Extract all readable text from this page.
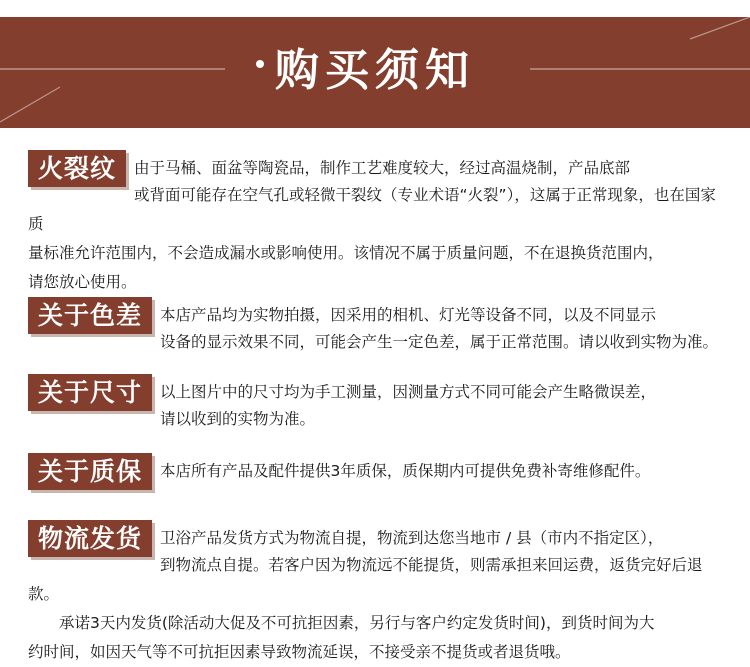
购买须知
火裂纹	由于马桶、面盆等陶瓷品，制作工艺难度较大，经过高温烧制，产品底部
或背面可能存在空气孔或轻微干裂纹（专业术语“火裂”），这属于正常现象，也在国家质
量标准允许范围内，不会造成漏水或影响使用。该情况不属于质量问题，不在退换货范围内，
请您放心使用。
关于色差	本店产品均为实物拍摄，因采用的相机、灯光等设备不同，以及不同显示
设备的显示效果不同，可能会产生一定色差，属于正常范围。请以收到实物为准。
关于尺寸	以上图片中的尺寸均为手工测量，因测量方式不同可能会产生略微误差，
请以收到的实物为准。
关于质保	本店所有产品及配件提供3年质保，质保期内可提供免费补寄维修配件。
物流发货	卫浴产品发货方式为物流自提，物流到达您当地市 / 县（市内不指定区），
到物流点自提。若客户因为物流远不能提货，则需承担来回运费，返货完好后退款。
承诺3天内发货(除活动大促及不可抗拒因素，另行与客户约定发货时间)，到货时间为大
约时间，如因天气等不可抗拒因素导致物流延误，不接受亲不提货或者退货哦。
